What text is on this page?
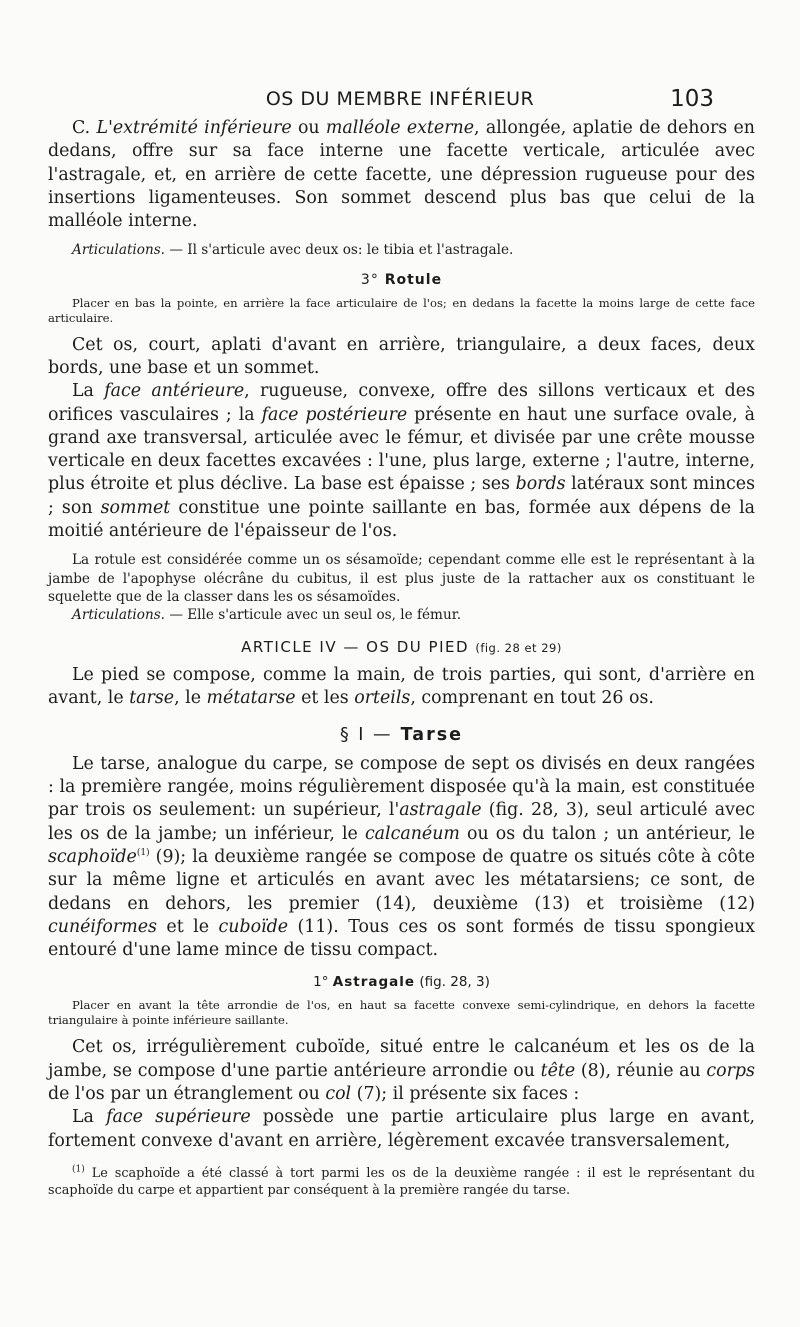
OS DU MEMBRE INFÉRIEUR	103

C. L'extrémité inférieure ou malléole externe, allongée, aplatie de dehors en dedans, offre sur sa face interne une facette verticale, articulée avec l'astragale, et, en arrière de cette facette, une dépression rugueuse pour des insertions ligamenteuses. Son sommet descend plus bas que celui de la malléole interne.

Articulations. — Il s'articule avec deux os: le tibia et l'astragale.

3° Rotule

Placer en bas la pointe, en arrière la face articulaire de l'os; en dedans la facette la moins large de cette face articulaire.

Cet os, court, aplati d'avant en arrière, triangulaire, a deux faces, deux bords, une base et un sommet.

La face antérieure, rugueuse, convexe, offre des sillons verticaux et des orifices vasculaires ; la face postérieure présente en haut une surface ovale, à grand axe transversal, articulée avec le fémur, et divisée par une crête mousse verticale en deux facettes excavées : l'une, plus large, externe ; l'autre, interne, plus étroite et plus déclive. La base est épaisse ; ses bords latéraux sont minces ; son sommet constitue une pointe saillante en bas, formée aux dépens de la moitié antérieure de l'épaisseur de l'os.

La rotule est considérée comme un os sésamoïde; cependant comme elle est le représentant à la jambe de l'apophyse olécrâne du cubitus, il est plus juste de la rattacher aux os constituant le squelette que de la classer dans les os sésamoïdes.

Articulations. — Elle s'articule avec un seul os, le fémur.

ARTICLE IV — OS DU PIED (fig. 28 et 29)

Le pied se compose, comme la main, de trois parties, qui sont, d'arrière en avant, le tarse, le métatarse et les orteils, comprenant en tout 26 os.

§ I — Tarse

Le tarse, analogue du carpe, se compose de sept os divisés en deux rangées : la première rangée, moins régulièrement disposée qu'à la main, est constituée par trois os seulement: un supérieur, l'astragale (fig. 28, 3), seul articulé avec les os de la jambe; un inférieur, le calcanéum ou os du talon ; un antérieur, le scaphoïde$^{(1)}$ (9); la deuxième rangée se compose de quatre os situés côte à côte sur la même ligne et articulés en avant avec les métatarsiens; ce sont, de dedans en dehors, les premier (14), deuxième (13) et troisième (12) cunéiformes et le cuboïde (11). Tous ces os sont formés de tissu spongieux entouré d'une lame mince de tissu compact.

1° Astragale (fig. 28, 3)

Placer en avant la tête arrondie de l'os, en haut sa facette convexe semi-cylindrique, en dehors la facette triangulaire à pointe inférieure saillante.

Cet os, irrégulièrement cuboïde, situé entre le calcanéum et les os de la jambe, se compose d'une partie antérieure arrondie ou tête (8), réunie au corps de l'os par un étranglement ou col (7); il présente six faces :

La face supérieure possède une partie articulaire plus large en avant, fortement convexe d'avant en arrière, légèrement excavée transversalement,

$^{(1)}$ Le scaphoïde a été classé à tort parmi les os de la deuxième rangée : il est le représentant du scaphoïde du carpe et appartient par conséquent à la première rangée du tarse.
